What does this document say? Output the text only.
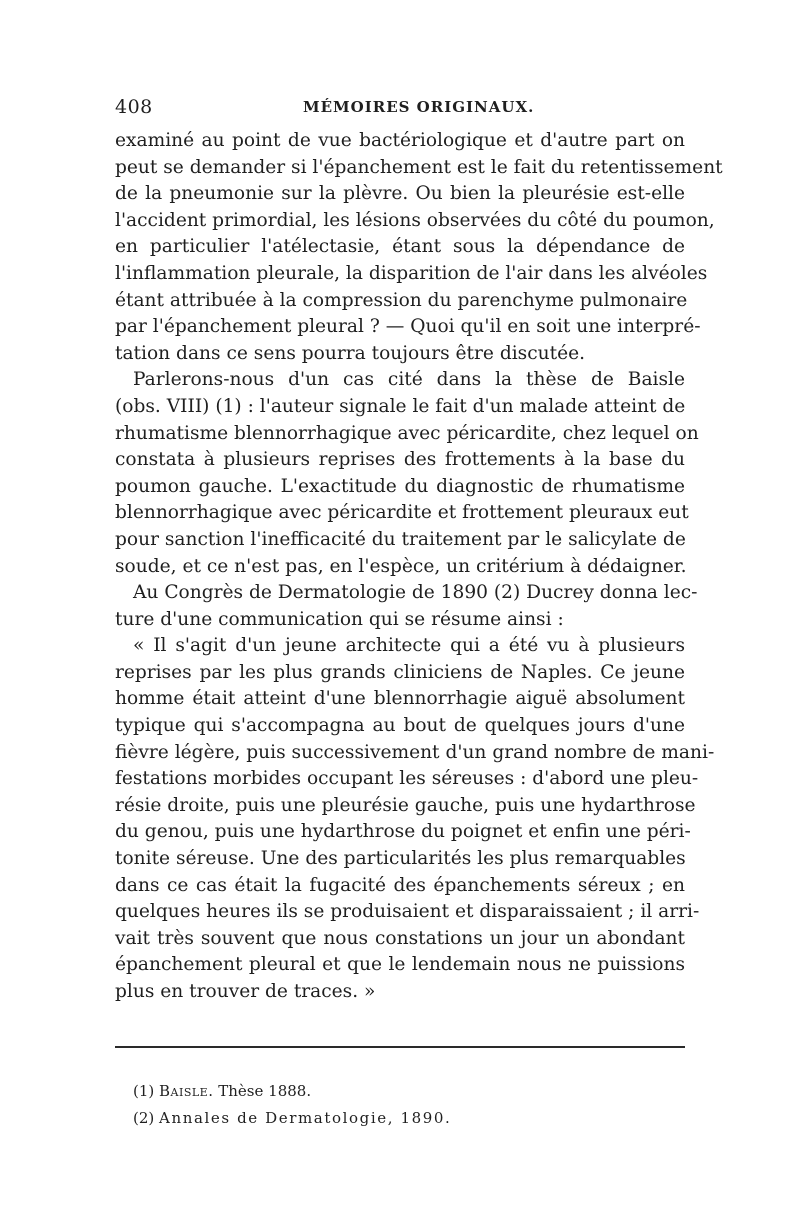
408	MÉMOIRES ORIGINAUX.
examiné au point de vue bactériologique et d'autre part on
peut se demander si l'épanchement est le fait du retentissement
de la pneumonie sur la plèvre. Ou bien la pleurésie est-elle
l'accident primordial, les lésions observées du côté du poumon,
en particulier l'atélectasie, étant sous la dépendance de
l'inflammation pleurale, la disparition de l'air dans les alvéoles
étant attribuée à la compression du parenchyme pulmonaire
par l'épanchement pleural ? — Quoi qu'il en soit une interpré-
tation dans ce sens pourra toujours être discutée.
Parlerons-nous d'un cas cité dans la thèse de Baisle
(obs. VIII) (1) : l'auteur signale le fait d'un malade atteint de
rhumatisme blennorrhagique avec péricardite, chez lequel on
constata à plusieurs reprises des frottements à la base du
poumon gauche. L'exactitude du diagnostic de rhumatisme
blennorrhagique avec péricardite et frottement pleuraux eut
pour sanction l'inefficacité du traitement par le salicylate de
soude, et ce n'est pas, en l'espèce, un critérium à dédaigner.
Au Congrès de Dermatologie de 1890 (2) Ducrey donna lec-
ture d'une communication qui se résume ainsi :
« Il s'agit d'un jeune architecte qui a été vu à plusieurs
reprises par les plus grands cliniciens de Naples. Ce jeune
homme était atteint d'une blennorrhagie aiguë absolument
typique qui s'accompagna au bout de quelques jours d'une
fièvre légère, puis successivement d'un grand nombre de mani-
festations morbides occupant les séreuses : d'abord une pleu-
résie droite, puis une pleurésie gauche, puis une hydarthrose
du genou, puis une hydarthrose du poignet et enfin une péri-
tonite séreuse. Une des particularités les plus remarquables
dans ce cas était la fugacité des épanchements séreux ; en
quelques heures ils se produisaient et disparaissaient ; il arri-
vait très souvent que nous constations un jour un abondant
épanchement pleural et que le lendemain nous ne puissions
plus en trouver de traces. »
(1) Baisle. Thèse 1888.
(2) Annales de Dermatologie, 1890.
